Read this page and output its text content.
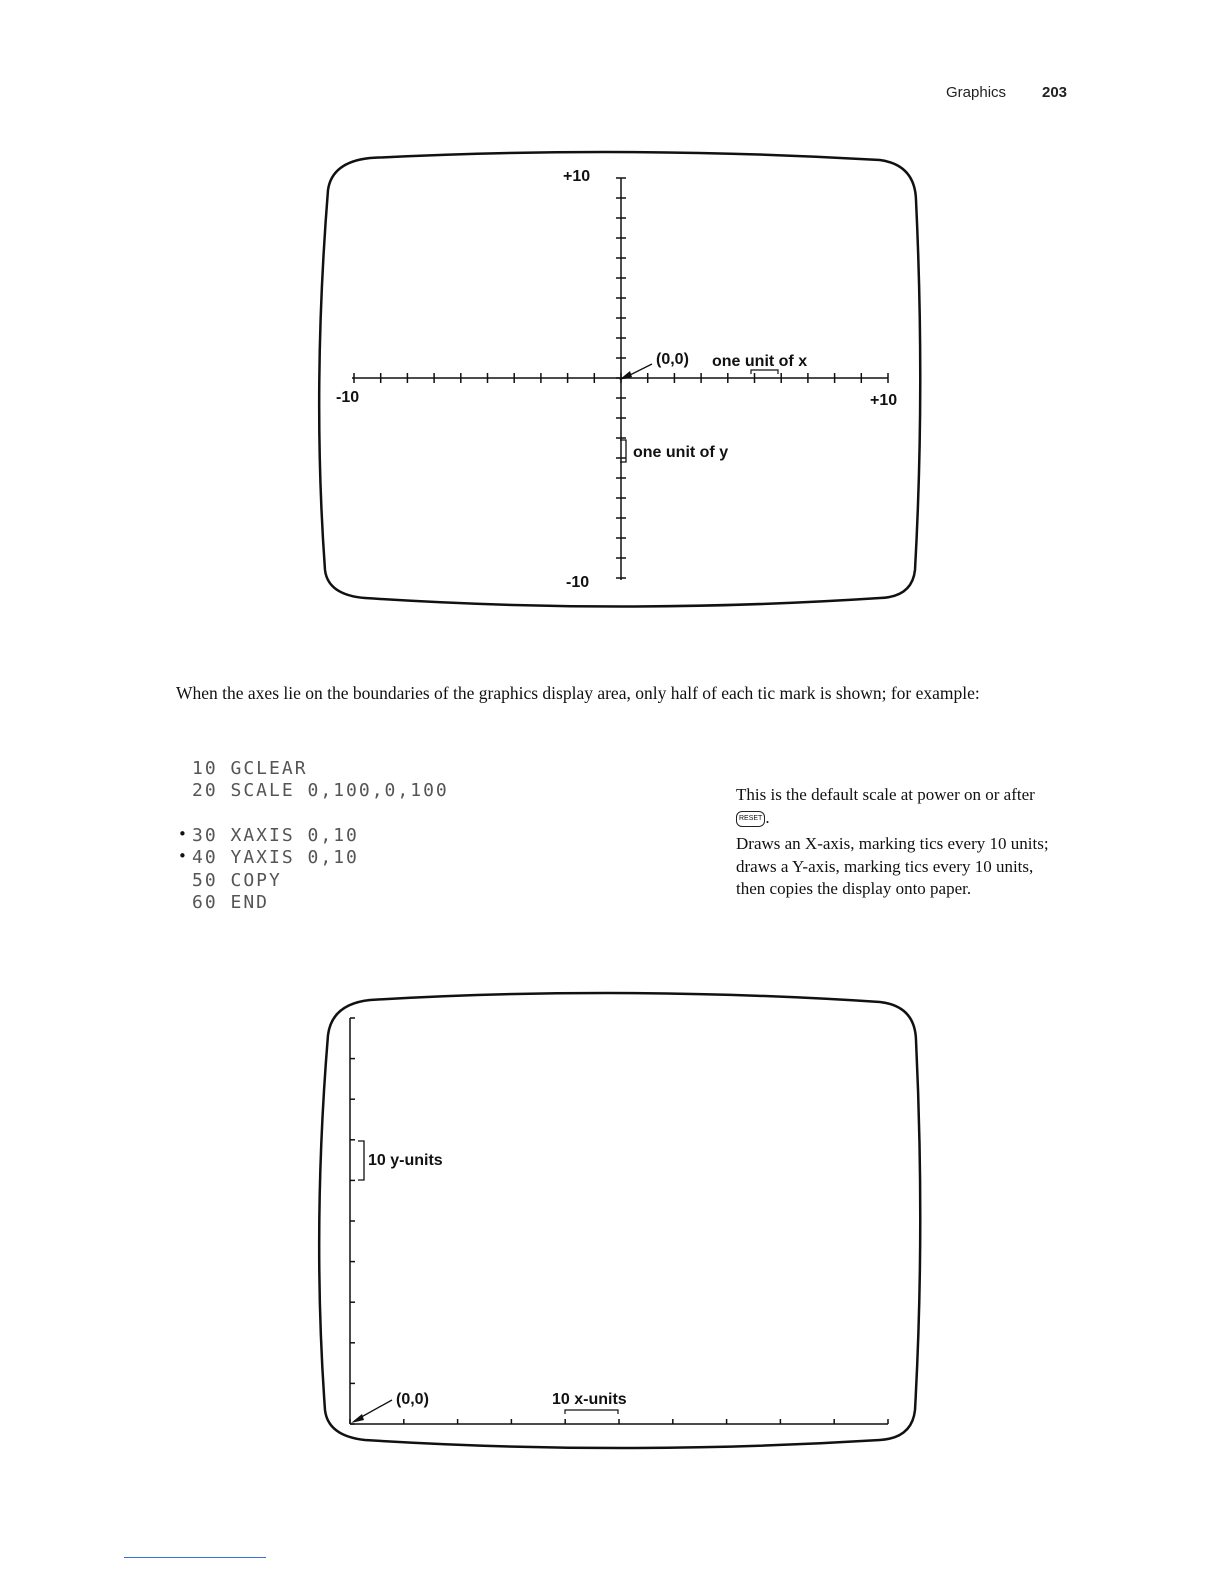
Graphics 203
+10
-10
-10	+10
(0,0) one unit of x
one unit of y
When the axes lie on the boundaries of the graphics display area, only half of each tic mark is shown; for example:
•
•
10 GCLEAR
20 SCALE 0,100,0,100
30 XAXIS 0,10
40 YAXIS 0,10
50 COPY
60 END
This is the default scale at power on or after RESET .
Draws an X-axis, marking tics every 10 units; draws a Y-axis, marking tics every 10 units, then copies the display onto paper.
10 y-units
(0,0)	10 x-units
